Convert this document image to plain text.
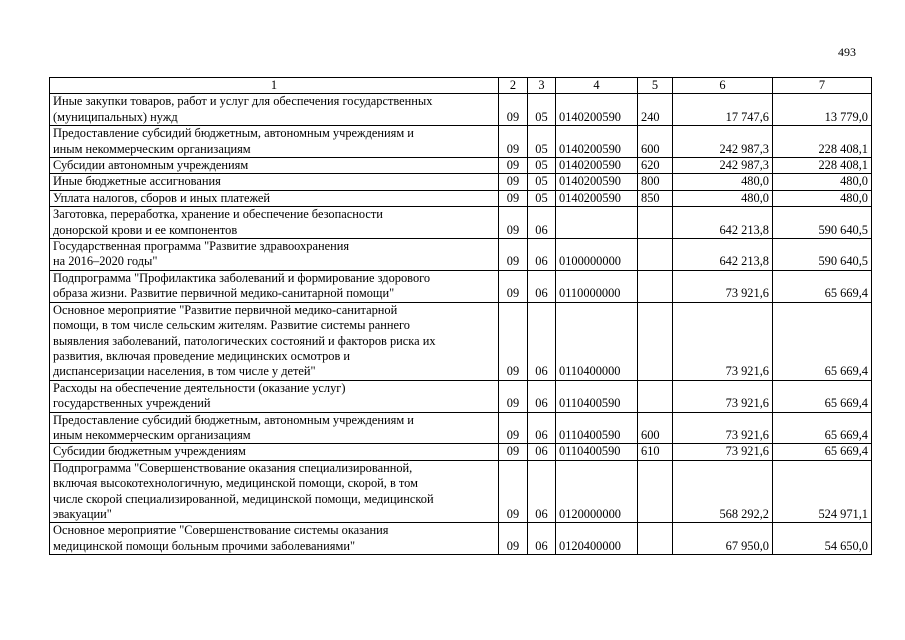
493
1	2	3	4	5	6	7
Иные закупки товаров, работ и услуг для обеспечения государственных
(муниципальных) нужд	09	05	0140200590	240	17 747,6	13 779,0
Предоставление субсидий бюджетным, автономным учреждениям и
иным некоммерческим организациям	09	05	0140200590	600	242 987,3	228 408,1
Субсидии автономным учреждениям	09	05	0140200590	620	242 987,3	228 408,1
Иные бюджетные ассигнования	09	05	0140200590	800	480,0	480,0
Уплата налогов, сборов и иных платежей	09	05	0140200590	850	480,0	480,0
Заготовка, переработка, хранение и обеспечение безопасности
донорской крови и ее компонентов	09	06			642 213,8	590 640,5
Государственная программа "Развитие здравоохранения
на 2016–2020 годы"	09	06	0100000000		642 213,8	590 640,5
Подпрограмма "Профилактика заболеваний и формирование здорового
образа жизни. Развитие первичной медико-санитарной помощи"	09	06	0110000000		73 921,6	65 669,4
Основное мероприятие "Развитие первичной медико-санитарной
помощи, в том числе сельским жителям. Развитие системы раннего
выявления заболеваний, патологических состояний и факторов риска их
развития, включая проведение медицинских осмотров и
диспансеризации населения, в том числе у детей"	09	06	0110400000		73 921,6	65 669,4
Расходы на обеспечение деятельности (оказание услуг)
государственных учреждений	09	06	0110400590		73 921,6	65 669,4
Предоставление субсидий бюджетным, автономным учреждениям и
иным некоммерческим организациям	09	06	0110400590	600	73 921,6	65 669,4
Субсидии бюджетным учреждениям	09	06	0110400590	610	73 921,6	65 669,4
Подпрограмма "Совершенствование оказания специализированной,
включая высокотехнологичную, медицинской помощи, скорой, в том
числе скорой специализированной, медицинской помощи, медицинской
эвакуации"	09	06	0120000000		568 292,2	524 971,1
Основное мероприятие "Совершенствование системы оказания
медицинской помощи больным прочими заболеваниями"	09	06	0120400000		67 950,0	54 650,0
